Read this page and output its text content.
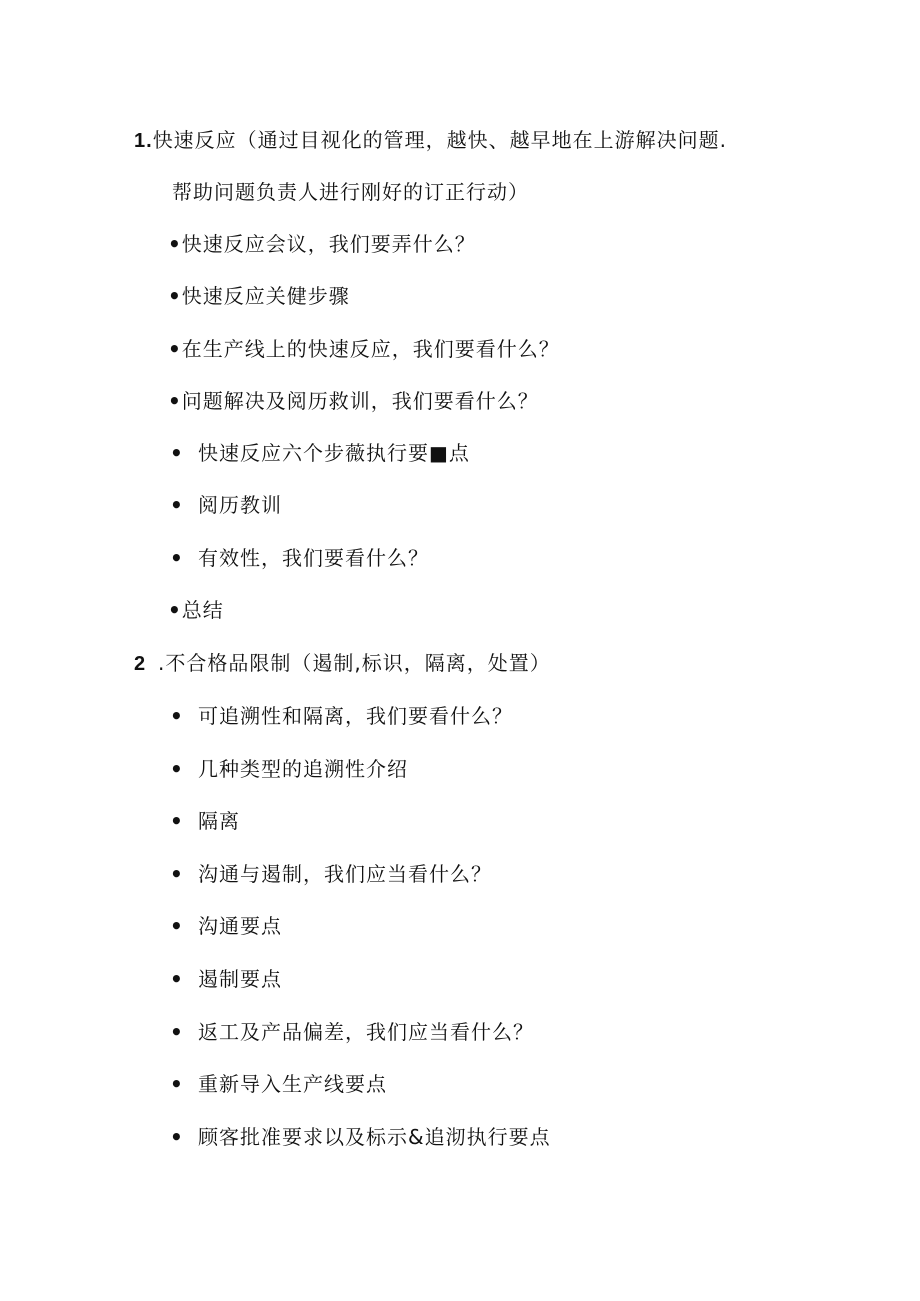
1.快速反应（通过目视化的管理，越快、越早地在上游解决问题.
帮助问题负责人进行刚好的订正行动）
•快速反应会议，我们要弄什么？
•快速反应关健步骤
•在生产线上的快速反应，我们要看什么？
•问题解决及阅历救训，我们要看什么？
• 快速反应六个步薇执行要■点
• 阅历教训
• 有效性，我们要看什么？
•总结
2 .不合格品限制（遏制,标识，隔离，处置）
• 可追溯性和隔离，我们要看什么？
• 几种类型的追溯性介绍
• 隔离
• 沟通与遏制，我们应当看什么？
• 沟通要点
• 遏制要点
• 返工及产品偏差，我们应当看什么？
• 重新导入生产线要点
• 顾客批准要求以及标示&追沏执行要点
